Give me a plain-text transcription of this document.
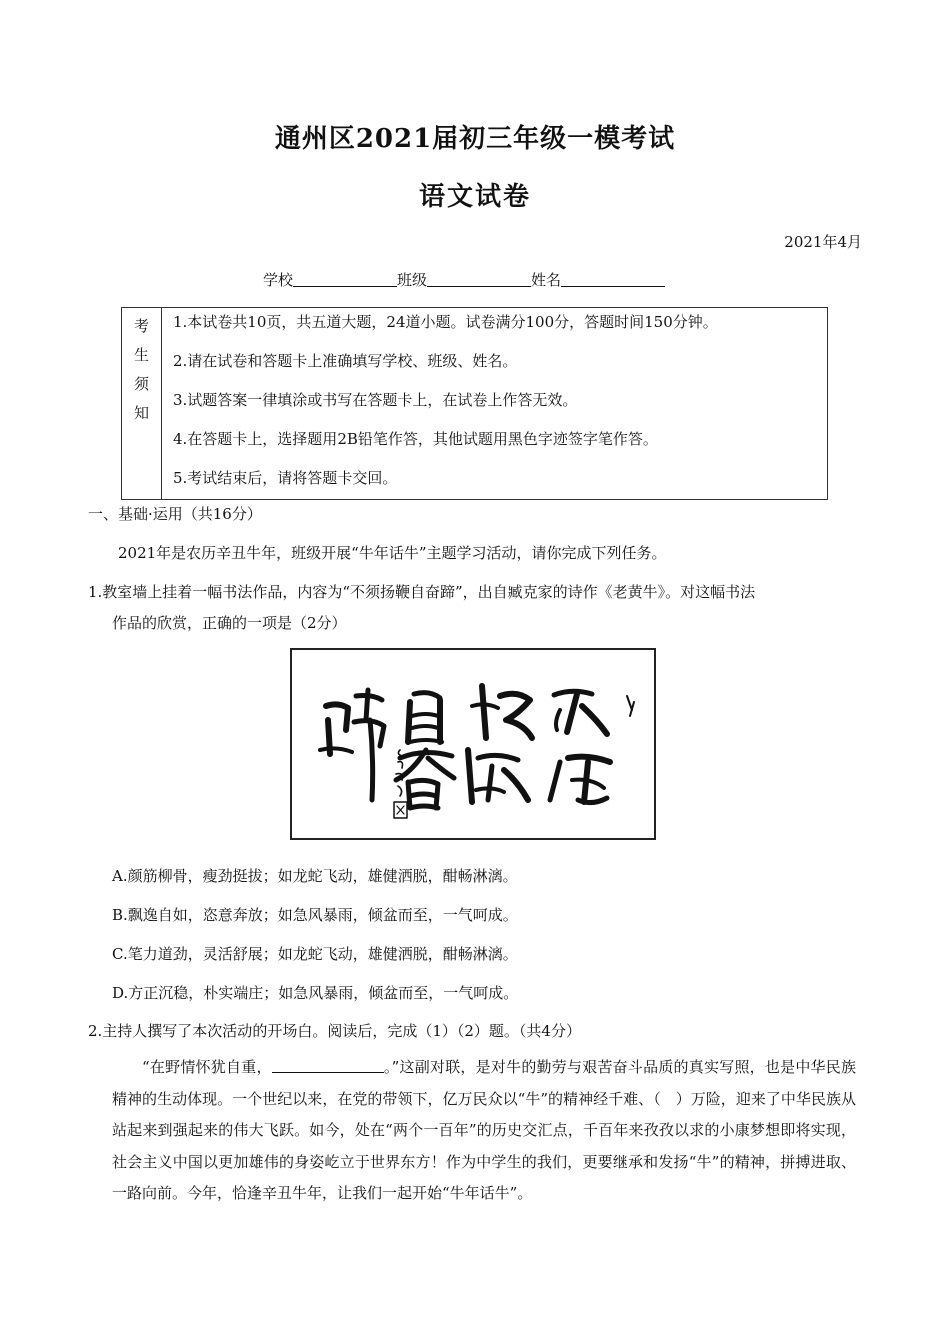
通州区2021届初三年级一模考试
语文试卷
2021年4月
学校	班级	姓名
考
生
须
知
1.本试卷共10页，共五道大题，24道小题。试卷满分100分，答题时间150分钟。
2.请在试卷和答题卡上准确填写学校、班级、姓名。
3.试题答案一律填涂或书写在答题卡上，在试卷上作答无效。
4.在答题卡上，选择题用2B铅笔作答，其他试题用黑色字迹签字笔作答。
5.考试结束后，请将答题卡交回。
一、基础·运用（共16分）
2021年是农历辛丑牛年，班级开展“牛年话牛”主题学习活动，请你完成下列任务。
1.教室墙上挂着一幅书法作品，内容为“不须扬鞭自奋蹄”，出自臧克家的诗作《老黄牛》。对这幅书法
作品的欣赏，正确的一项是（2分）
A.颜筋柳骨，瘦劲挺拔；如龙蛇飞动，雄健洒脱，酣畅淋漓。
B.飘逸自如，恣意奔放；如急风暴雨，倾盆而至，一气呵成。
C.笔力道劲，灵活舒展；如龙蛇飞动，雄健洒脱，酣畅淋漓。
D.方正沉稳，朴实端庄；如急风暴雨，倾盆而至，一气呵成。
2.主持人撰写了本次活动的开场白。阅读后，完成（1）（2）题。（共4分）
“在野情怀犹自重，	。”这副对联，是对牛的勤劳与艰苦奋斗品质的真实写照，也是中华民族精神的生动体现。一个世纪以来，在党的带领下，亿万民众以“牛”的精神经千难、（　）万险，迎来了中华民族从站起来到强起来的伟大飞跃。如今，处在“两个一百年”的历史交汇点，千百年来孜孜以求的小康梦想即将实现，社会主义中国以更加雄伟的身姿屹立于世界东方！作为中学生的我们，更要继承和发扬“牛”的精神，拼搏进取、一路向前。今年，恰逢辛丑牛年，让我们一起开始“牛年话牛”。
